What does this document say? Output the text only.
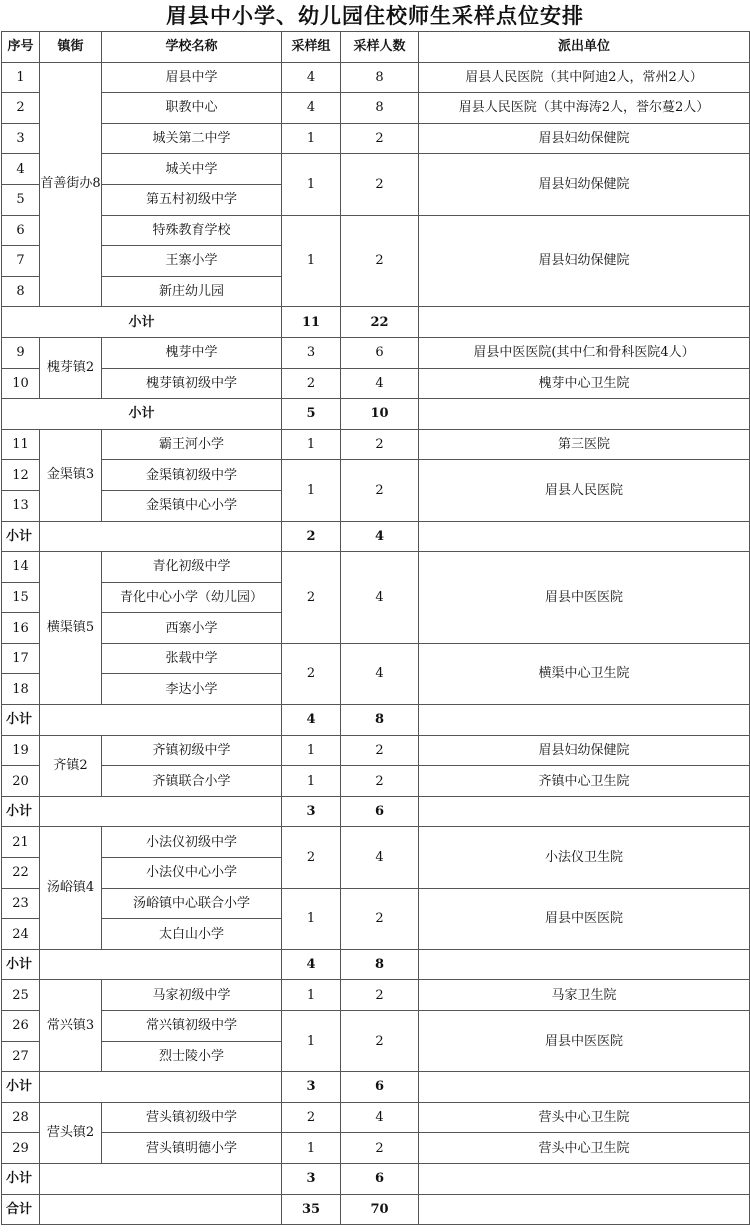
眉县中小学、幼儿园住校师生采样点位安排
序号	镇街	学校名称	采样组	采样人数	派出单位
1	首善街办8	眉县中学	4	8	眉县人民医院（其中阿迪2人，常州2人）
2		职教中心	4	8	眉县人民医院（其中海涛2人，誉尔蔓2人）
3		城关第二中学	1	2	眉县妇幼保健院
4		城关中学	1	2	眉县妇幼保健院
5		第五村初级中学			
6		特殊教育学校	1	2	眉县妇幼保健院
7		王寨小学			
8		新庄幼儿园			
小计			11	22	
9	槐芽镇2	槐芽中学	3	6	眉县中医医院(其中仁和骨科医院4人）
10		槐芽镇初级中学	2	4	槐芽中心卫生院
小计			5	10	
11	金渠镇3	霸王河小学	1	2	第三医院
12		金渠镇初级中学	1	2	眉县人民医院
13		金渠镇中心小学			
小计			2	4	
14	横渠镇5	青化初级中学	2	4	眉县中医医院
15		青化中心小学（幼儿园）			
16		西寨小学			
17		张载中学	2	4	横渠中心卫生院
18		李达小学			
小计			4	8	
19	齐镇2	齐镇初级中学	1	2	眉县妇幼保健院
20		齐镇联合小学	1	2	齐镇中心卫生院
小计			3	6	
21	汤峪镇4	小法仪初级中学	2	4	小法仪卫生院
22		小法仪中心小学			
23		汤峪镇中心联合小学	1	2	眉县中医医院
24		太白山小学			
小计			4	8	
25	常兴镇3	马家初级中学	1	2	马家卫生院
26		常兴镇初级中学	1	2	眉县中医医院
27		烈士陵小学			
小计			3	6	
28	营头镇2	营头镇初级中学	2	4	营头中心卫生院
29		营头镇明德小学	1	2	营头中心卫生院
小计			3	6	
合计			35	70	
